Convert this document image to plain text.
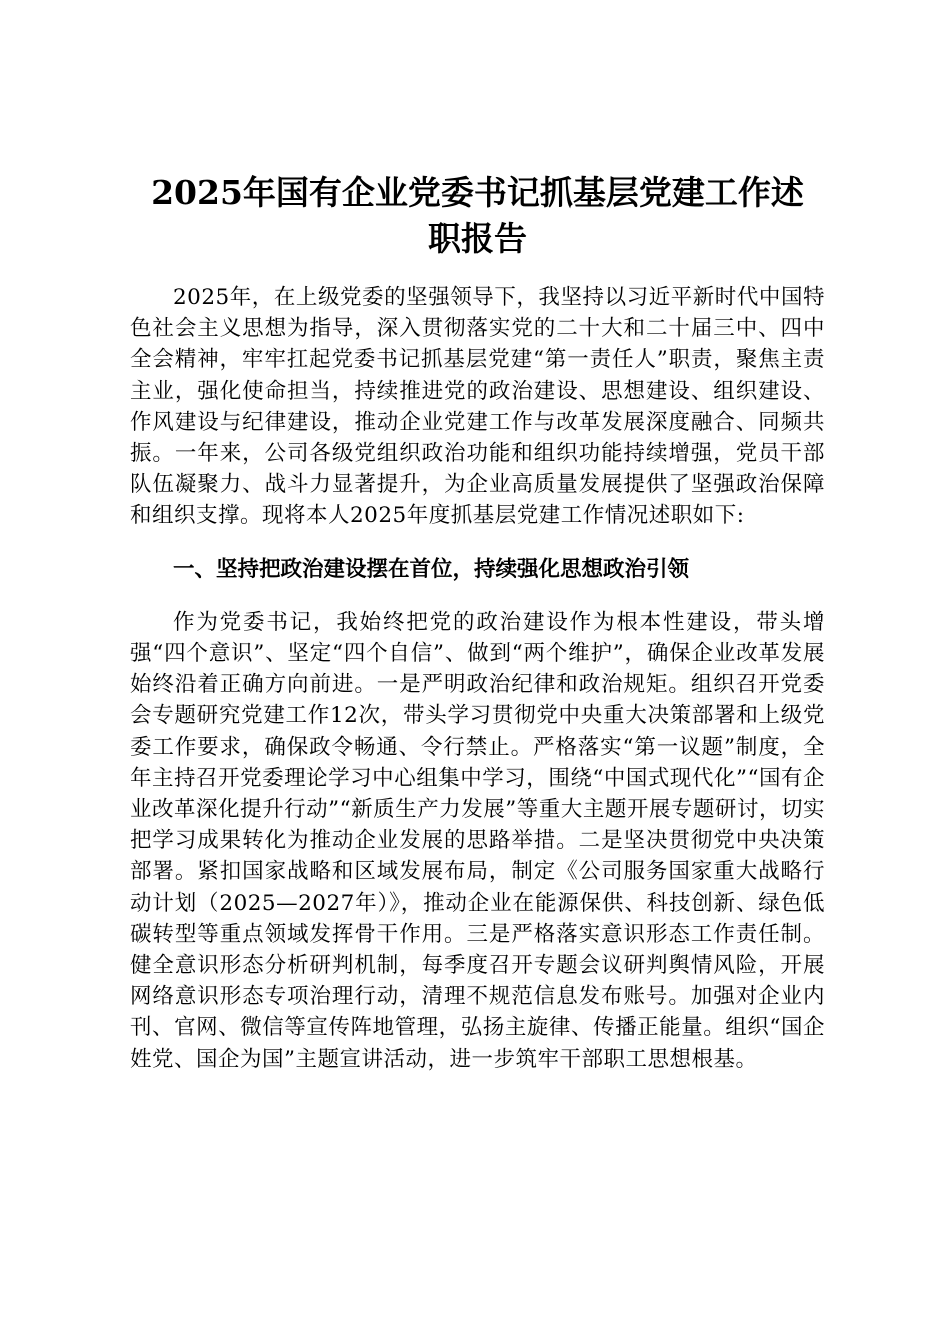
2025年国有企业党委书记抓基层党建工作述
职报告

2025年，在上级党委的坚强领导下，我坚持以习近平新时代中国特色社会主义思想为指导，深入贯彻落实党的二十大和二十届三中、四中全会精神，牢牢扛起党委书记抓基层党建“第一责任人”职责，聚焦主责主业，强化使命担当，持续推进党的政治建设、思想建设、组织建设、作风建设与纪律建设，推动企业党建工作与改革发展深度融合、同频共振。一年来，公司各级党组织政治功能和组织功能持续增强，党员干部队伍凝聚力、战斗力显著提升，为企业高质量发展提供了坚强政治保障和组织支撑。现将本人2025年度抓基层党建工作情况述职如下:

一、坚持把政治建设摆在首位，持续强化思想政治引领

作为党委书记，我始终把党的政治建设作为根本性建设，带头增强“四个意识”、坚定“四个自信”、做到“两个维护”，确保企业改革发展始终沿着正确方向前进。一是严明政治纪律和政治规矩。组织召开党委会专题研究党建工作12次，带头学习贯彻党中央重大决策部署和上级党委工作要求，确保政令畅通、令行禁止。严格落实“第一议题”制度，全年主持召开党委理论学习中心组集中学习，围绕“中国式现代化”“国有企业改革深化提升行动”“新质生产力发展”等重大主题开展专题研讨，切实把学习成果转化为推动企业发展的思路举措。二是坚决贯彻党中央决策部署。紧扣国家战略和区域发展布局，制定《公司服务国家重大战略行动计划（2025—2027年）》，推动企业在能源保供、科技创新、绿色低碳转型等重点领域发挥骨干作用。三是严格落实意识形态工作责任制。健全意识形态分析研判机制，每季度召开专题会议研判舆情风险，开展网络意识形态专项治理行动，清理不规范信息发布账号。加强对企业内刊、官网、微信等宣传阵地管理，弘扬主旋律、传播正能量。组织“国企姓党、国企为国”主题宣讲活动，进一步筑牢干部职工思想根基。
